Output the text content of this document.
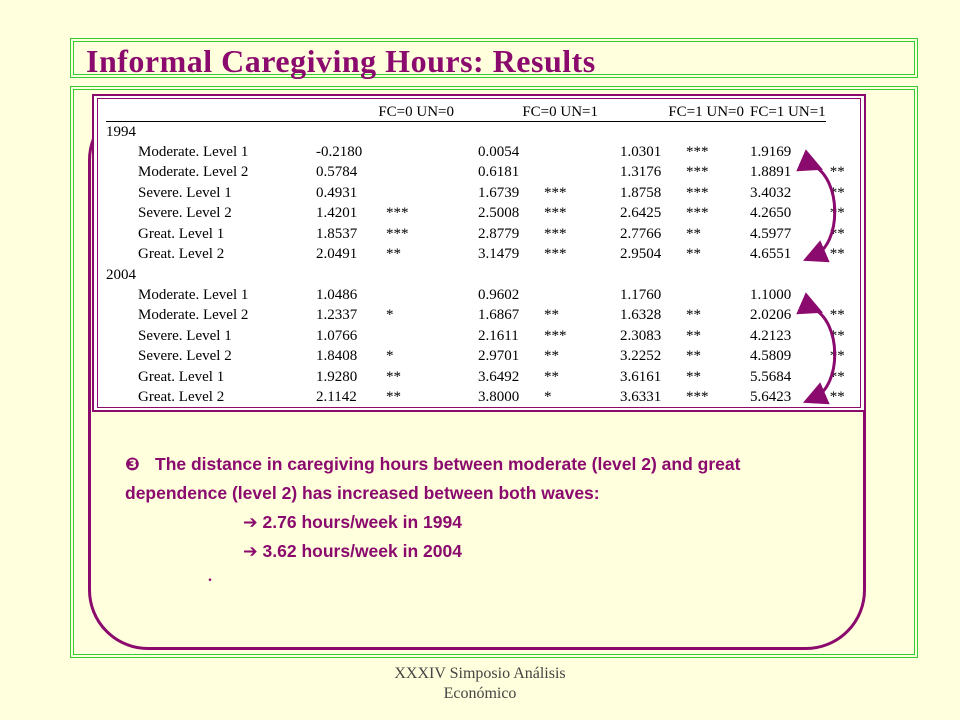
Informal Caregiving Hours: Results
	FC=0 UN=0		FC=0 UN=1		FC=1 UN=0		FC=1 UN=1	
1994								
Moderate. Level 1	-0.2180		0.0054		1.0301	***	1.9169	
Moderate. Level 2	0.5784		0.6181		1.3176	***	1.8891	**
Severe. Level 1	0.4931		1.6739	***	1.8758	***	3.4032	**
Severe. Level 2	1.4201	***	2.5008	***	2.6425	***	4.2650	**
Great. Level 1	1.8537	***	2.8779	***	2.7766	**	4.5977	**
Great. Level 2	2.0491	**	3.1479	***	2.9504	**	4.6551	**
2004								
Moderate. Level 1	1.0486		0.9602		1.1760		1.1000	
Moderate. Level 2	1.2337	*	1.6867	**	1.6328	**	2.0206	**
Severe. Level 1	1.0766		2.1611	***	2.3083	**	4.2123	**
Severe. Level 2	1.8408	*	2.9701	**	3.2252	**	4.5809	**
Great. Level 1	1.9280	**	3.6492	**	3.6161	**	5.5684	**
Great. Level 2	2.1142	**	3.8000	*	3.6331	***	5.6423	**
❸ The distance in caregiving hours between moderate (level 2) and great dependence (level 2) has increased between both waves:
➔ 2.76 hours/week in 1994
➔ 3.62 hours/week in 2004
.
XXXIV Simposio Análisis
Económico
